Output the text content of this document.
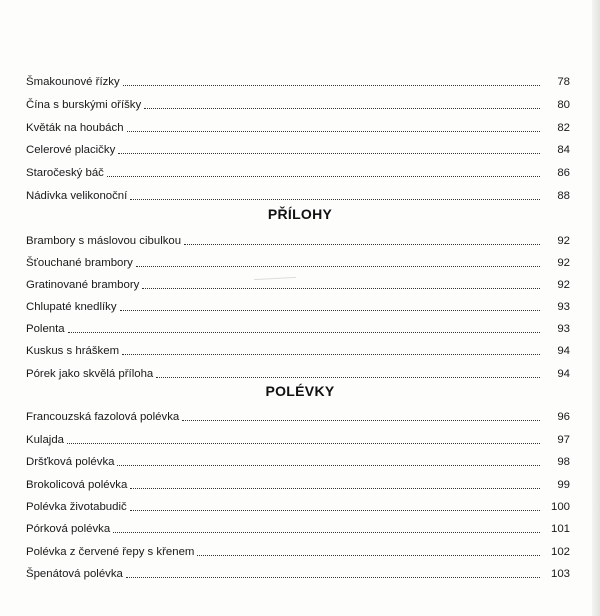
Šmakounové řízky	78
Čína s burskými oříšky	80
Květák na houbách	82
Celerové placičky	84
Staročeský báč	86
Nádivka velikonoční	88
PŘÍLOHY
Brambory s máslovou cibulkou	92
Šťouchané brambory	92
Gratinované brambory	92
Chlupaté knedlíky	93
Polenta	93
Kuskus s hráškem	94
Pórek jako skvělá příloha	94
POLÉVKY
Francouzská fazolová polévka	96
Kulajda	97
Dršťková polévka	98
Brokolicová polévka	99
Polévka životabudič	100
Pórková polévka	101
Polévka z červené řepy s křenem	102
Špenátová polévka	103
